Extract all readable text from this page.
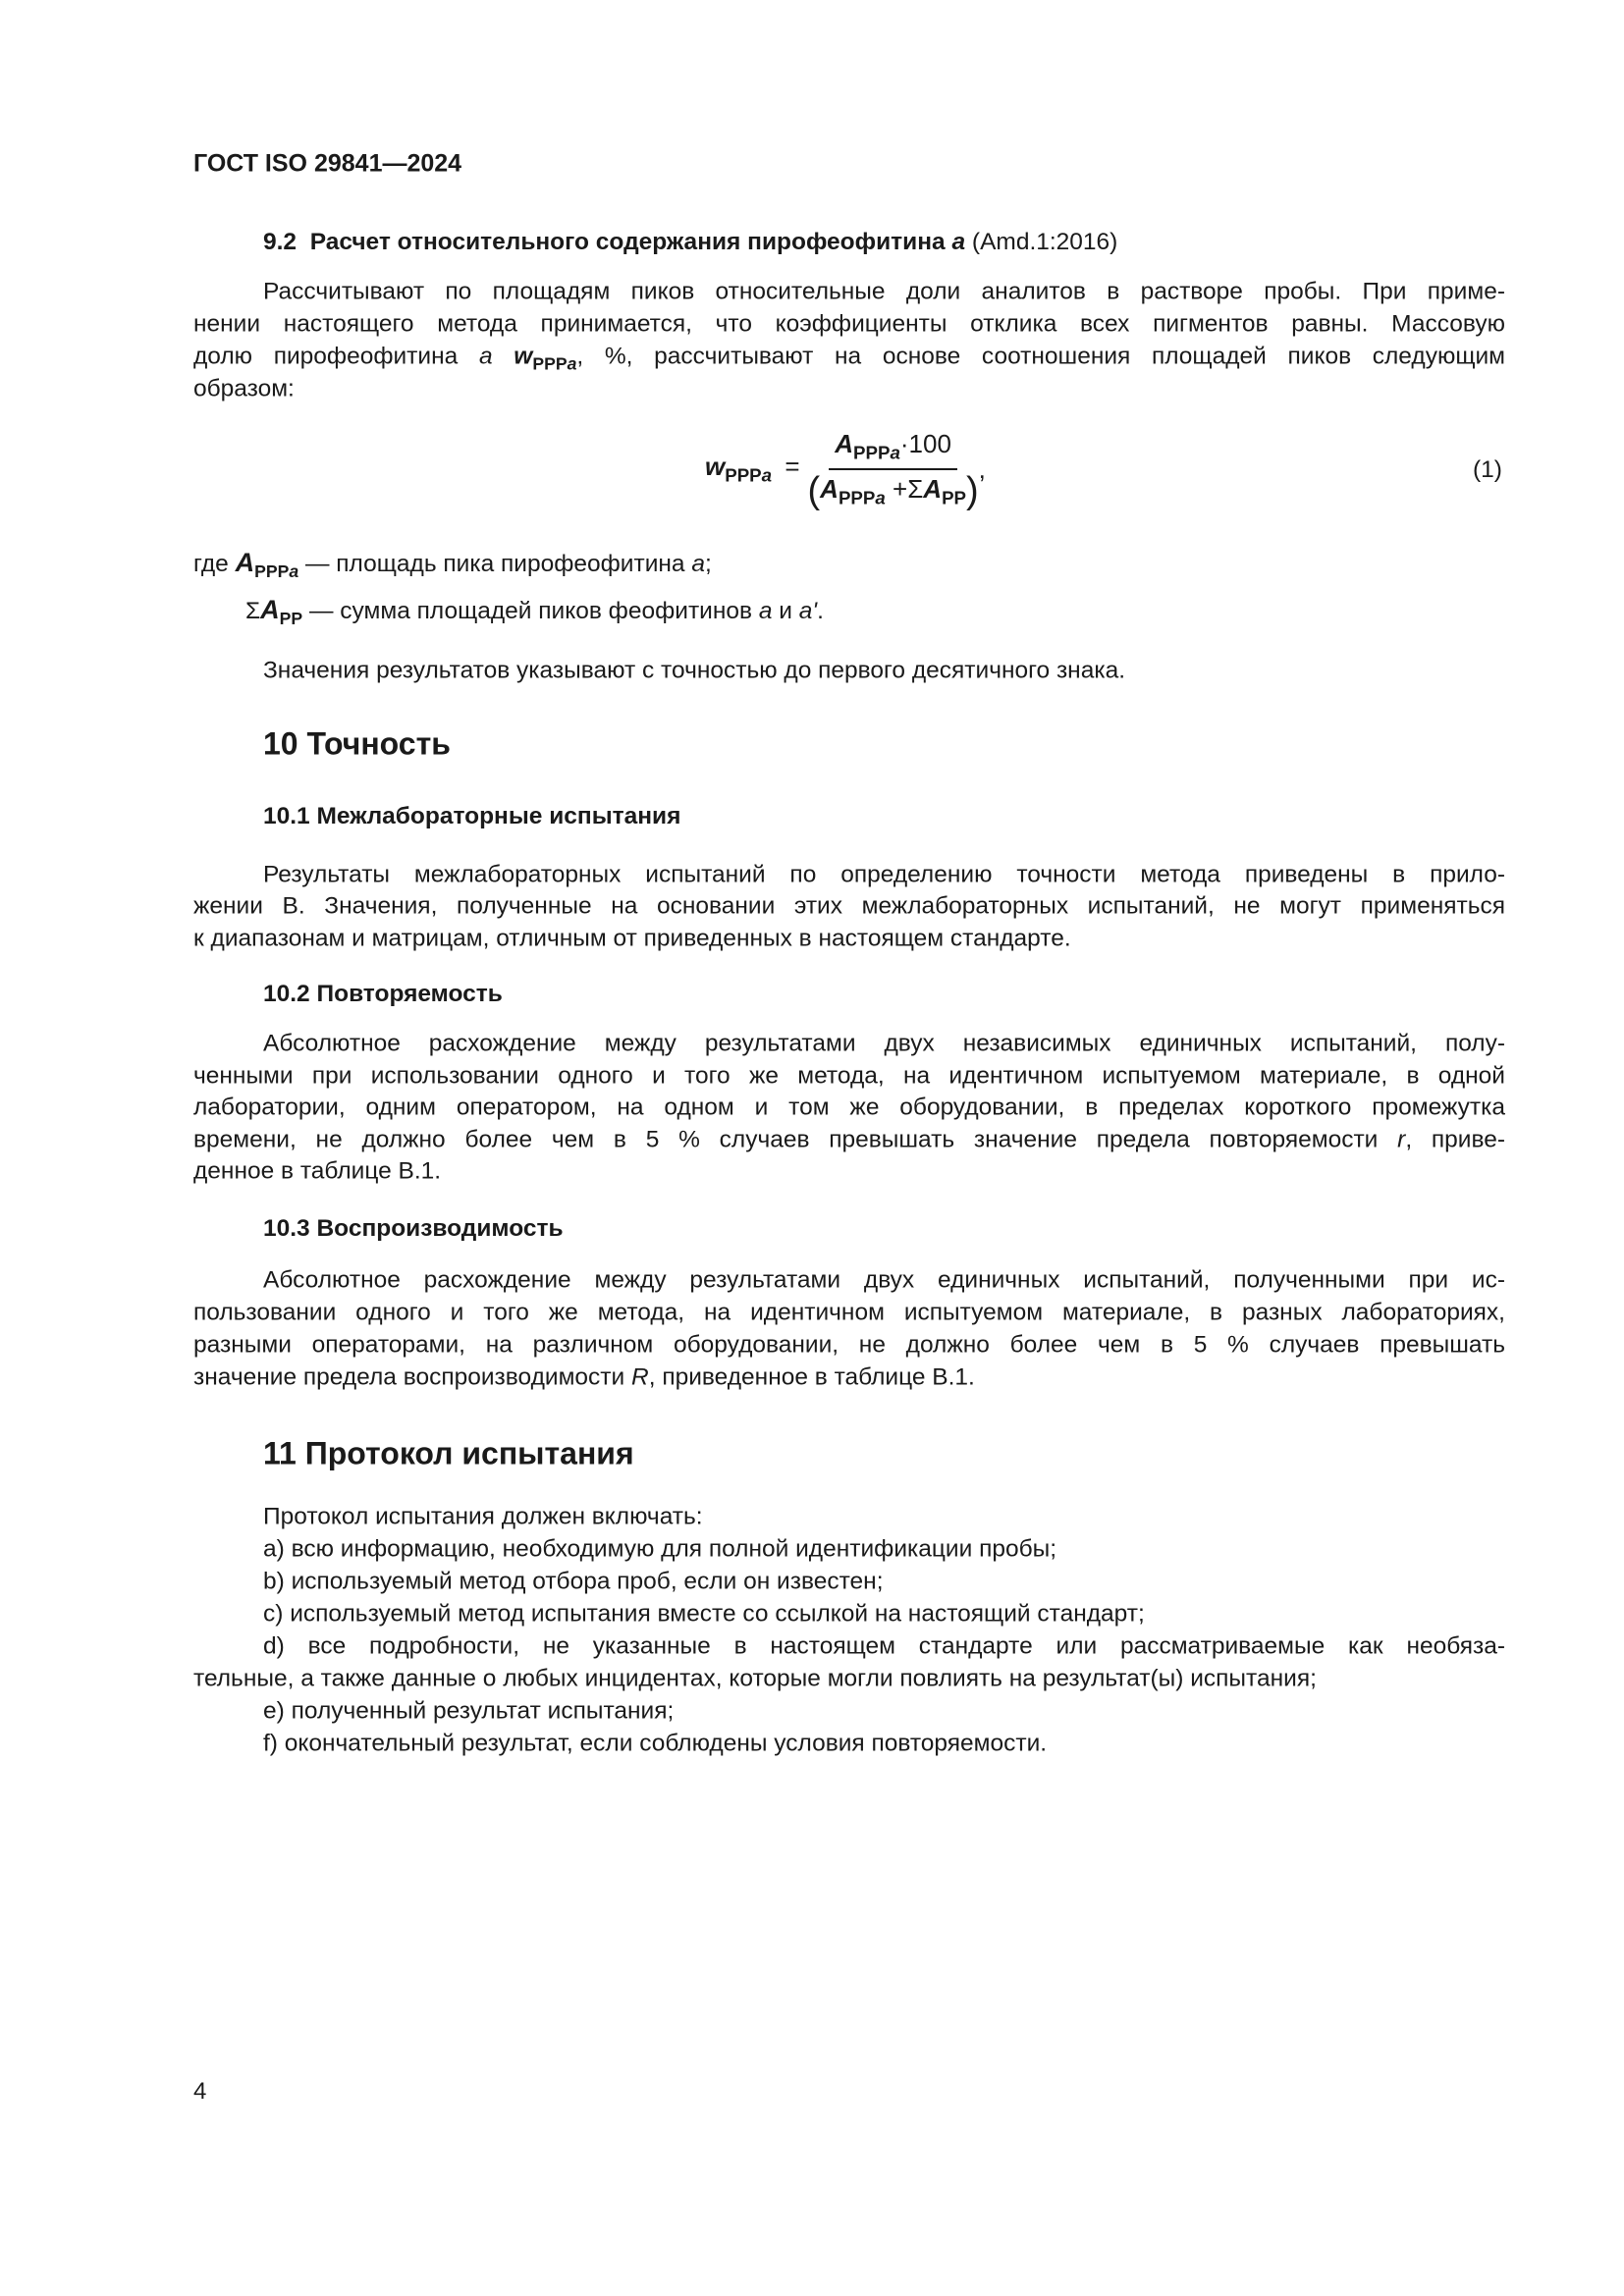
ГОСТ ISO 29841—2024
9.2 Расчет относительного содержания пирофеофитина a (Amd.1:2016)
Рассчитывают по площадям пиков относительные доли аналитов в растворе пробы. При приме-
нении настоящего метода принимается, что коэффициенты отклика всех пигментов равны. Массовую
долю пирофеофитина a $w_{PPPa}$, %, рассчитывают на основе соотношения площадей пиков следующим
образом:
$w_{PPPa} = \frac{A_{PPPa}\cdot 100}{(A_{PPPa} +\Sigma A_{PP})}$ ,	(1)
где $A_{PPPa}$ — площадь пика пирофеофитина a;
$\Sigma A_{PP}$ — сумма площадей пиков феофитинов a и a'.
Значения результатов указывают с точностью до первого десятичного знака.
10 Точность
10.1 Межлабораторные испытания
Результаты межлабораторных испытаний по определению точности метода приведены в прило-
жении В. Значения, полученные на основании этих межлабораторных испытаний, не могут применяться
к диапазонам и матрицам, отличным от приведенных в настоящем стандарте.
10.2 Повторяемость
Абсолютное расхождение между результатами двух независимых единичных испытаний, полу-
ченными при использовании одного и того же метода, на идентичном испытуемом материале, в одной
лаборатории, одним оператором, на одном и том же оборудовании, в пределах короткого промежутка
времени, не должно более чем в 5 % случаев превышать значение предела повторяемости r, приве-
денное в таблице В.1.
10.3 Воспроизводимость
Абсолютное расхождение между результатами двух единичных испытаний, полученными при ис-
пользовании одного и того же метода, на идентичном испытуемом материале, в разных лабораториях,
разными операторами, на различном оборудовании, не должно более чем в 5 % случаев превышать
значение предела воспроизводимости R, приведенное в таблице В.1.
11 Протокол испытания
Протокол испытания должен включать:
a) всю информацию, необходимую для полной идентификации пробы;
b) используемый метод отбора проб, если он известен;
c) используемый метод испытания вместе со ссылкой на настоящий стандарт;
d) все подробности, не указанные в настоящем стандарте или рассматриваемые как необяза-
тельные, а также данные о любых инцидентах, которые могли повлиять на результат(ы) испытания;
e) полученный результат испытания;
f) окончательный результат, если соблюдены условия повторяемости.
4
